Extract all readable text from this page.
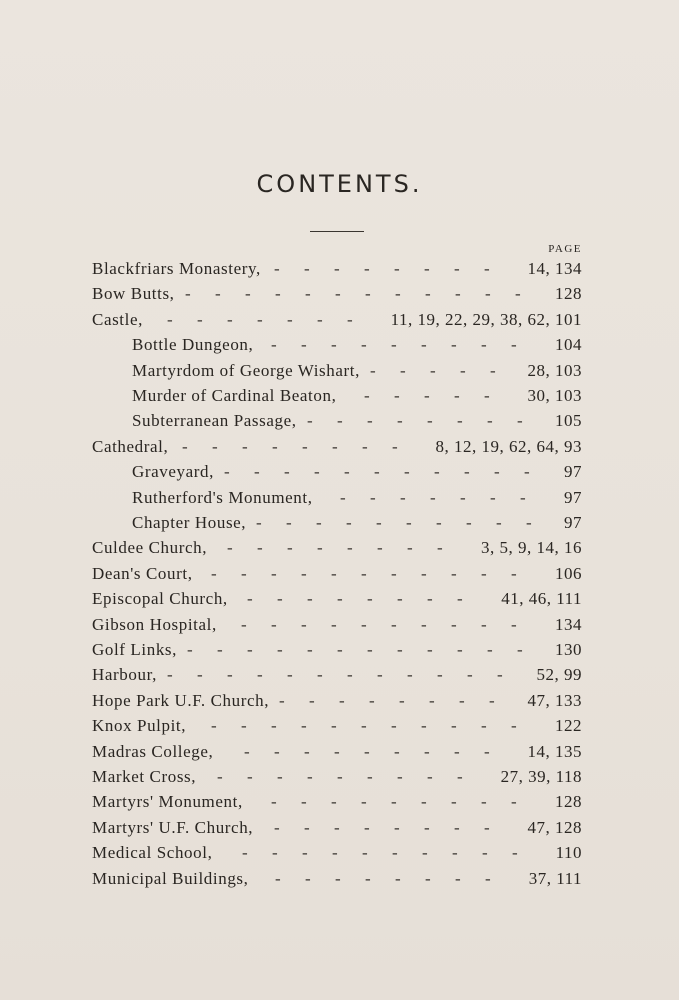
CONTENTS.
PAGE
Blackfriars Monastery,	14, 134
- - - - - - - -
Bow Butts,	128
- - - - - - - - - - - -
Castle,	11, 19, 22, 29, 38, 62, 101
- - - - - - -
Bottle Dungeon,	104
- - - - - - - - -
Martyrdom of George Wishart,	28, 103
- - - - -
Murder of Cardinal Beaton,	30, 103
- - - - -
Subterranean Passage,	105
- - - - - - - -
Cathedral,	8, 12, 19, 62, 64, 93
- - - - - - - -
Graveyard,	97
- - - - - - - - - - -
Rutherford's Monument,	97
- - - - - - -
Chapter House,	97
- - - - - - - - - -
Culdee Church,	3, 5, 9, 14, 16
- - - - - - - -
Dean's Court,	106
- - - - - - - - - - -
Episcopal Church,	41, 46, 111
- - - - - - - -
Gibson Hospital,	134
- - - - - - - - - -
Golf Links,	130
- - - - - - - - - - - -
Harbour,	52, 99
- - - - - - - - - - - -
Hope Park U.F. Church,	47, 133
- - - - - - - -
Knox Pulpit,	122
- - - - - - - - - - -
Madras College,	14, 135
- - - - - - - - -
Market Cross,	27, 39, 118
- - - - - - - - -
Martyrs' Monument,	128
- - - - - - - - -
Martyrs' U.F. Church,	47, 128
- - - - - - - -
Medical School,	110
- - - - - - - - - -
Municipal Buildings,	37, 111
- - - - - - - -
